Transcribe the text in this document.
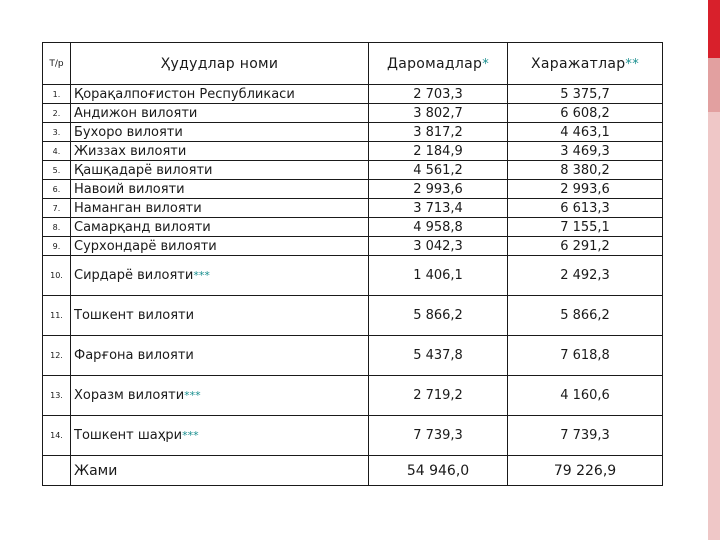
Т/р	Ҳудудлар номи	Даромадлар*	Харажатлар**
1.	Қорақалпоғистон Республикаси	2 703,3	5 375,7
2.	Андижон вилояти	3 802,7	6 608,2
3.	Бухоро вилояти	3 817,2	4 463,1
4.	Жиззах вилояти	2 184,9	3 469,3
5.	Қашқадарё вилояти	4 561,2	8 380,2
6.	Навоий вилояти	2 993,6	2 993,6
7.	Наманган вилояти	3 713,4	6 613,3
8.	Самарқанд вилояти	4 958,8	7 155,1
9.	Сурхондарё вилояти	3 042,3	6 291,2
10.	Сирдарё вилояти***	1 406,1	2 492,3
11.	Тошкент вилояти	5 866,2	5 866,2
12.	Фарғона вилояти	5 437,8	7 618,8
13.	Хоразм вилояти***	2 719,2	4 160,6
14.	Тошкент шаҳри***	7 739,3	7 739,3
	Жами	54 946,0	79 226,9
